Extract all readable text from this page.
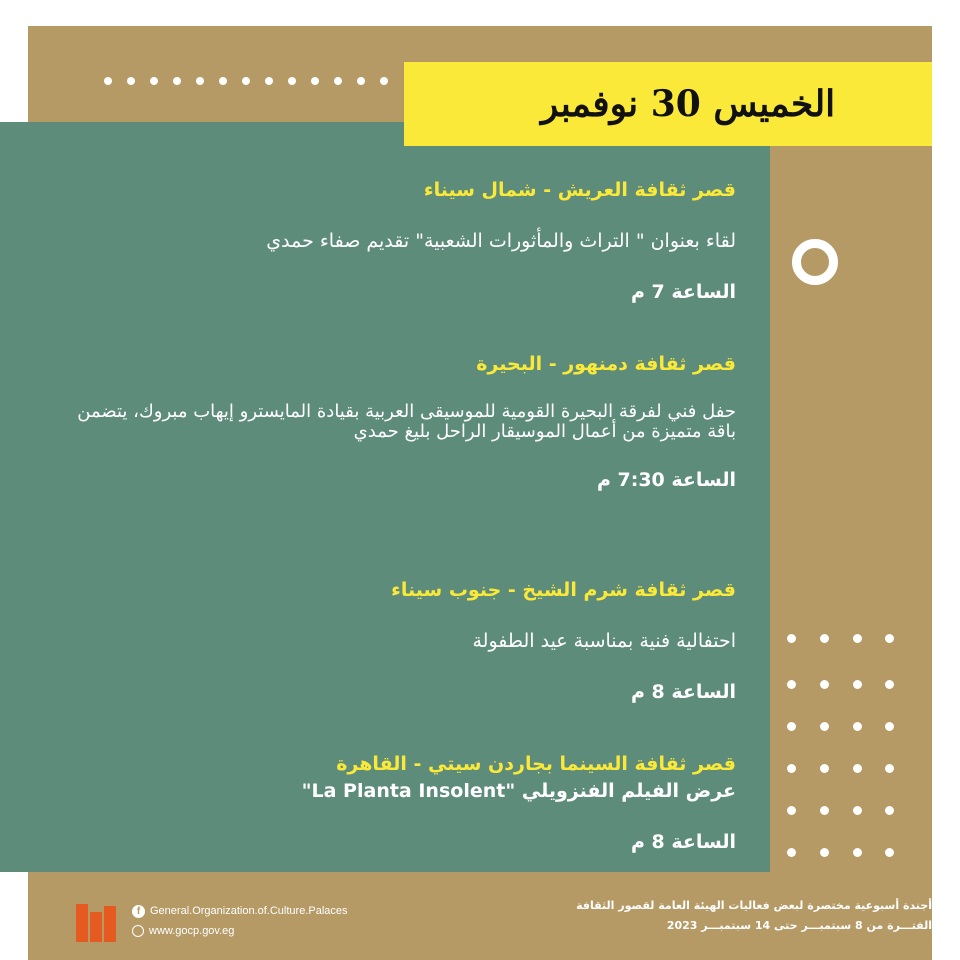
الخميس 30 نوفمبر
قصر ثقافة العريش - شمال سيناء
لقاء بعنوان " التراث والمأثورات الشعبية" تقديم صفاء حمدي
الساعة 7 م
قصر ثقافة دمنهور - البحيرة
حفل فني لفرقة البحيرة القومية للموسيقى العربية بقيادة المايسترو إيهاب مبروك، يتضمن باقة متميزة من أعمال الموسيقار الراحل بليغ حمدي
الساعة 7:30 م
قصر ثقافة شرم الشيخ - جنوب سيناء
احتفالية فنية بمناسبة عيد الطفولة
الساعة 8 م
قصر ثقافة السينما بجاردن سيتي - القاهرة
عرض الفيلم الفنزويلي "La Planta Insolent"
الساعة 8 م
f General.Organization.of.Culture.Palaces
www.gocp.gov.eg
أجندة أسبوعية مختصرة لبعض فعاليات الهيئة العامة لقصور الثقافة
الفتـــرة من 8 سبتمبـــر حتى 14 سبتمبـــر 2023
